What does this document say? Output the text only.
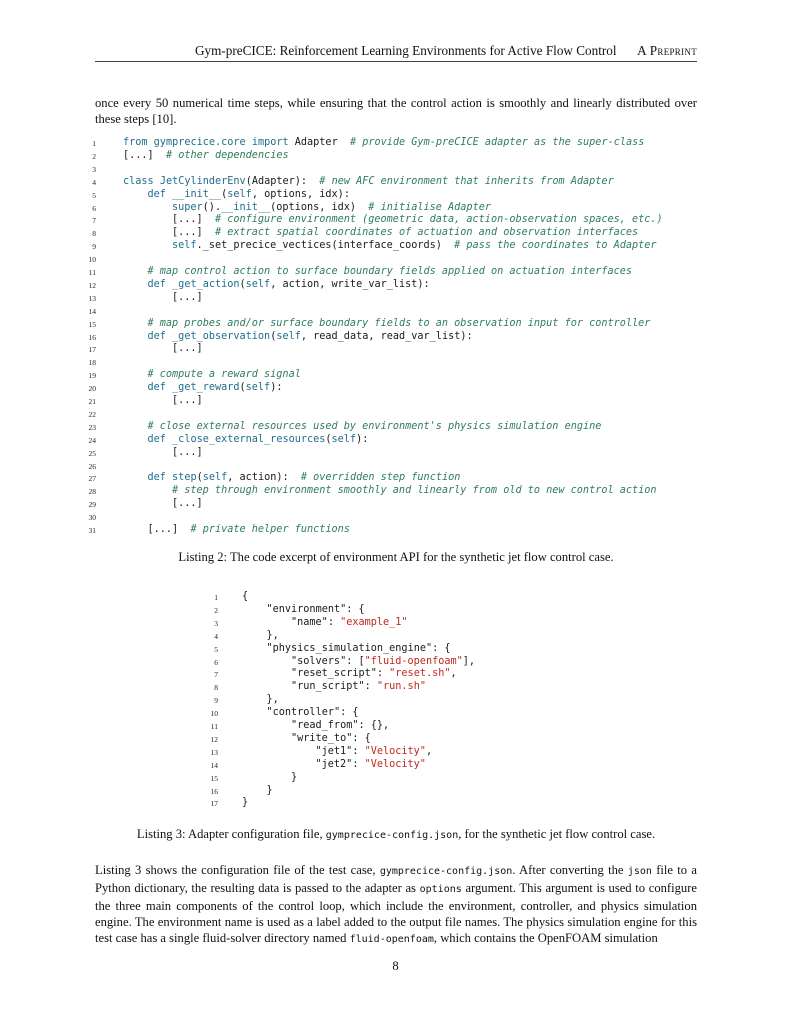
Gym-preCICE: Reinforcement Learning Environments for Active Flow Control A Preprint

once every 50 numerical time steps, while ensuring that the control action is smoothly and linearly distributed over these steps [10].

1	from gymprecice.core import Adapter  # provide Gym-preCICE adapter as the super-class
2	[...]  # other dependencies
3
4	class JetCylinderEnv(Adapter):  # new AFC environment that inherits from Adapter
5	def __init__(self, options, idx):
6	super().__init__(options, idx)  # initialise Adapter
7	[...]  # configure environment (geometric data, action-observation spaces, etc.)
8	[...]  # extract spatial coordinates of actuation and observation interfaces
9	self._set_precice_vectices(interface_coords)  # pass the coordinates to Adapter
10
11	# map control action to surface boundary fields applied on actuation interfaces
12	def _get_action(self, action, write_var_list):
13	[...]
14
15	# map probes and/or surface boundary fields to an observation input for controller
16	def _get_observation(self, read_data, read_var_list):
17	[...]
18
19	# compute a reward signal
20	def _get_reward(self):
21	[...]
22
23	# close external resources used by environment's physics simulation engine
24	def _close_external_resources(self):
25	[...]
26
27	def step(self, action):  # overridden step function
28	# step through environment smoothly and linearly from old to new control action
29	[...]
30
31	[...]  # private helper functions
Listing 2: The code excerpt of environment API for the synthetic jet flow control case.
1 {
2	"environment": {
3	"name": "example_1"
4	},
5	"physics_simulation_engine": {
6	"solvers": ["fluid-openfoam"],
7	"reset_script": "reset.sh",
8	"run_script": "run.sh"
9	},
10	"controller": {
11	"read_from": {},
12	"write_to": {
13	"jet1": "Velocity",
14	"jet2": "Velocity"
15	}
16	}
17 }
Listing 3: Adapter configuration file, gymprecice-config.json, for the synthetic jet flow control case.

Listing 3 shows the configuration file of the test case, gymprecice-config.json. After converting the json file to a Python dictionary, the resulting data is passed to the adapter as options argument. This argument is used to configure the three main components of the control loop, which include the environment, controller, and physics simulation engine. The environment name is used as a label added to the output file names. The physics simulation engine for this test case has a single fluid-solver directory named fluid-openfoam, which contains the OpenFOAM simulation

8
